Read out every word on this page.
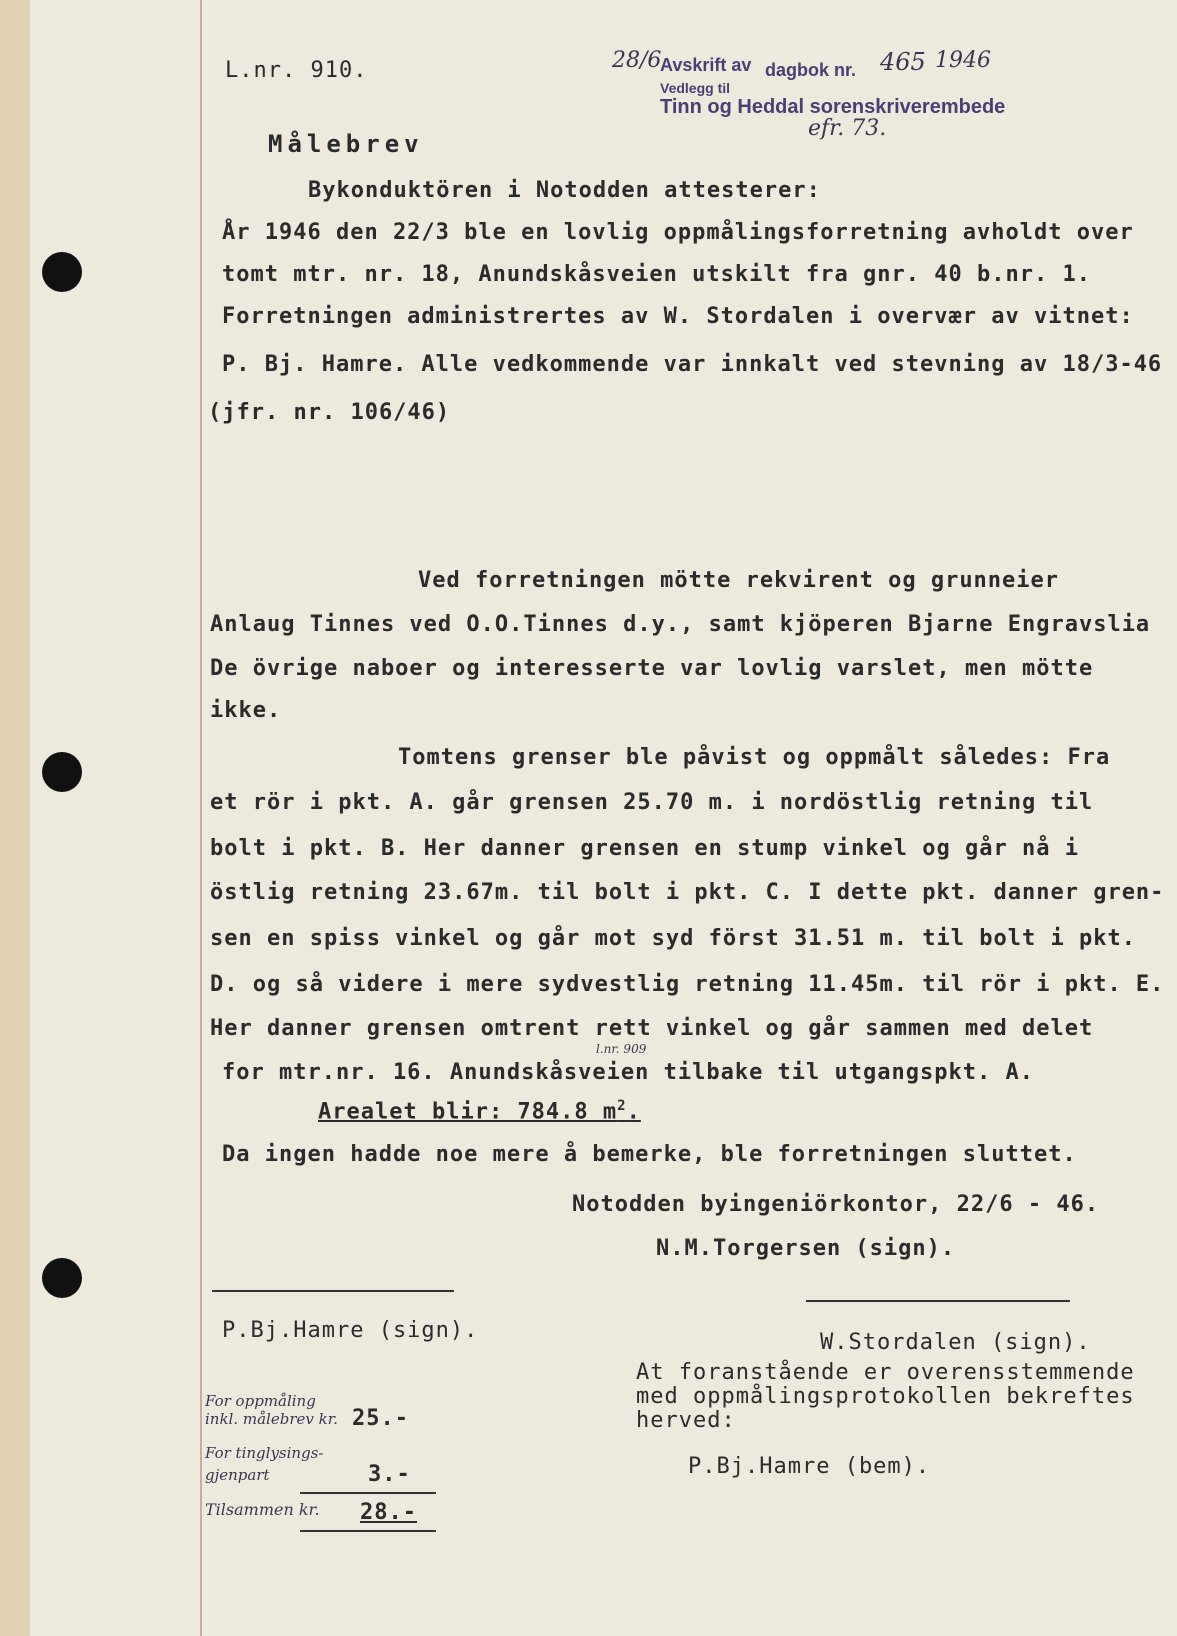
L.nr. 910.	28/6
Avskrift av dagbok nr. 465 1946
Vedlegg til
Tinn og Heddal sorenskriverembede
efr. 73.
Målebrev
Bykonduktören i Notodden attesterer:
År 1946 den 22/3 ble en lovlig oppmålingsforretning avholdt over
tomt mtr. nr. 18, Anundskåsveien utskilt fra gnr. 40 b.nr. 1.
Forretningen administrertes av W. Stordalen i overvær av vitnet:
P. Bj. Hamre. Alle vedkommende var innkalt ved stevning av 18/3-46
(jfr. nr. 106/46)
Ved forretningen mötte rekvirent og grunneier
Anlaug Tinnes ved O.O.Tinnes d.y., samt kjöperen Bjarne Engravslia
De övrige naboer og interesserte var lovlig varslet, men mötte
ikke.
Tomtens grenser ble påvist og oppmålt således: Fra
et rör i pkt. A. går grensen 25.70 m. i nordöstlig retning til
bolt i pkt. B. Her danner grensen en stump vinkel og går nå i
östlig retning 23.67m. til bolt i pkt. C. I dette pkt. danner gren-
sen en spiss vinkel og går mot syd först 31.51 m. til bolt i pkt.
D. og så videre i mere sydvestlig retning 11.45m. til rör i pkt. E.
Her danner grensen omtrent rett vinkel og går sammen med delet
l.nr. 909
for mtr.nr. 16. Anundskåsveien tilbake til utgangspkt. A.
Arealet blir: 784.8 $m^2$.
Da ingen hadde noe mere å bemerke, ble forretningen sluttet.
Notodden byingeniörkontor, 22/6 - 46.
N.M.Torgersen (sign).
P.Bj.Hamre (sign).	W.Stordalen (sign).
At foranstående er overensstemmende
med oppmålingsprotokollen bekreftes
herved:
P.Bj.Hamre (bem).
For oppmåling
inkl. målebrev kr. 25.-
For tinglysings-
gjenpart	3.-
Tilsammen kr. 28.-
